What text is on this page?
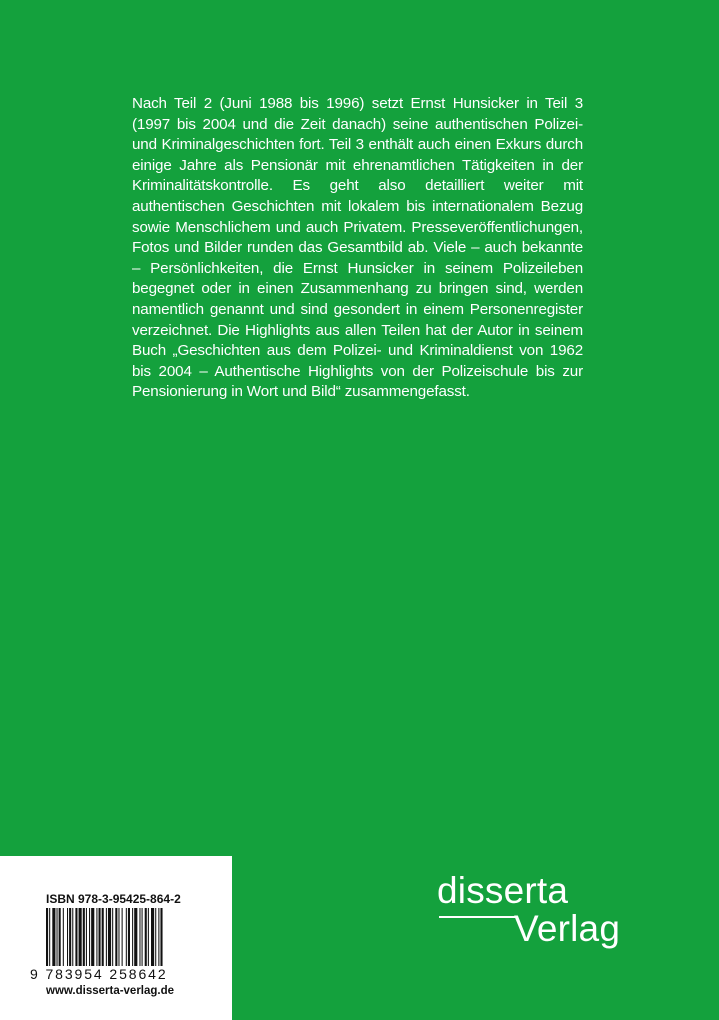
Nach Teil 2 (Juni 1988 bis 1996) setzt Ernst Hunsicker in Teil 3 (1997 bis 2004 und die Zeit danach) seine authentischen Polizei- und Kriminalgeschichten fort. Teil 3 enthält auch einen Exkurs durch einige Jahre als Pensionär mit ehrenamtlichen Tätigkeiten in der Kriminalitätskontrolle. Es geht also detailliert weiter mit authentischen Geschichten mit lokalem bis internationalem Bezug sowie Menschlichem und auch Privatem. Presseveröffentlichungen, Fotos und Bilder runden das Gesamtbild ab. Viele – auch bekannte – Persönlichkeiten, die Ernst Hunsicker in seinem Polizeileben begegnet oder in einen Zusammenhang zu bringen sind, werden namentlich genannt und sind gesondert in einem Personenregister verzeichnet. Die Highlights aus allen Teilen hat der Autor in seinem Buch „Geschichten aus dem Polizei- und Kriminaldienst von 1962 bis 2004 – Authentische Highlights von der Polizeischule bis zur Pensionierung in Wort und Bild“ zusammengefasst.

ISBN 978-3-95425-864-2
9 783954 258642
www.disserta-verlag.de
disserta
Verlag
